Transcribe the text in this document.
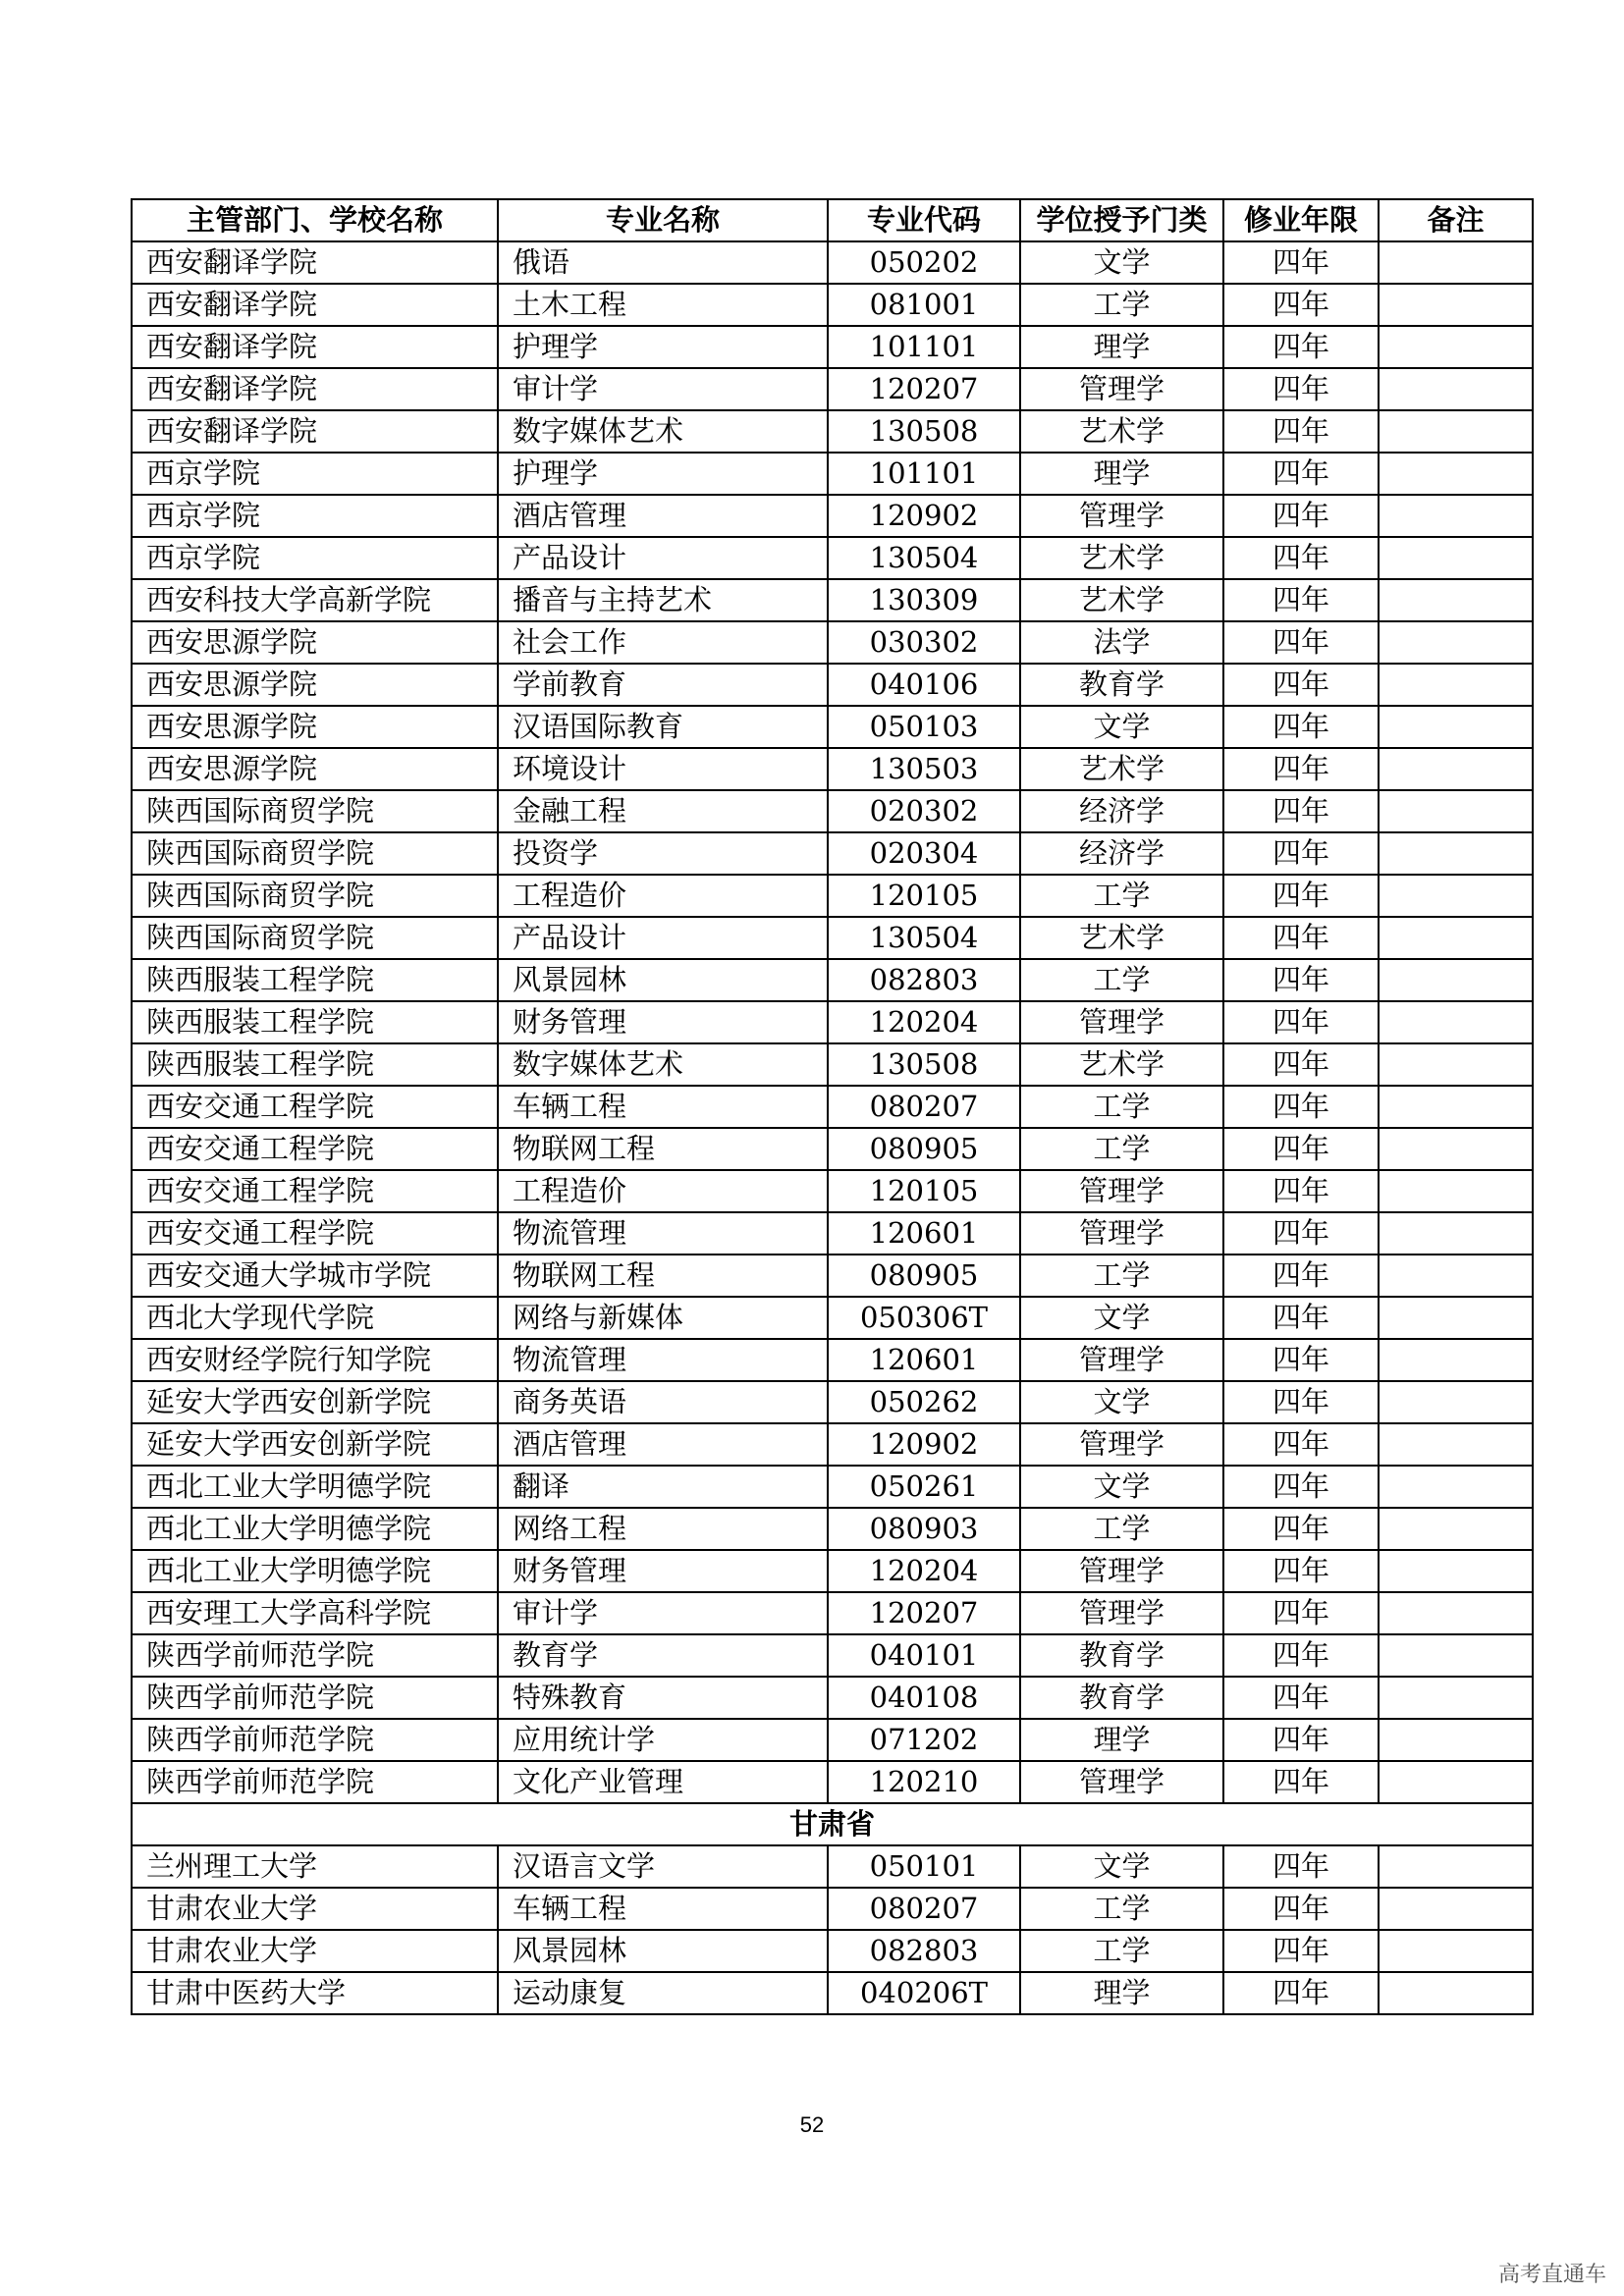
主管部门、学校名称	专业名称	专业代码	学位授予门类	修业年限	备注
西安翻译学院	俄语	050202	文学	四年	
西安翻译学院	土木工程	081001	工学	四年	
西安翻译学院	护理学	101101	理学	四年	
西安翻译学院	审计学	120207	管理学	四年	
西安翻译学院	数字媒体艺术	130508	艺术学	四年	
西京学院	护理学	101101	理学	四年	
西京学院	酒店管理	120902	管理学	四年	
西京学院	产品设计	130504	艺术学	四年	
西安科技大学高新学院	播音与主持艺术	130309	艺术学	四年	
西安思源学院	社会工作	030302	法学	四年	
西安思源学院	学前教育	040106	教育学	四年	
西安思源学院	汉语国际教育	050103	文学	四年	
西安思源学院	环境设计	130503	艺术学	四年	
陕西国际商贸学院	金融工程	020302	经济学	四年	
陕西国际商贸学院	投资学	020304	经济学	四年	
陕西国际商贸学院	工程造价	120105	工学	四年	
陕西国际商贸学院	产品设计	130504	艺术学	四年	
陕西服装工程学院	风景园林	082803	工学	四年	
陕西服装工程学院	财务管理	120204	管理学	四年	
陕西服装工程学院	数字媒体艺术	130508	艺术学	四年	
西安交通工程学院	车辆工程	080207	工学	四年	
西安交通工程学院	物联网工程	080905	工学	四年	
西安交通工程学院	工程造价	120105	管理学	四年	
西安交通工程学院	物流管理	120601	管理学	四年	
西安交通大学城市学院	物联网工程	080905	工学	四年	
西北大学现代学院	网络与新媒体	050306T	文学	四年	
西安财经学院行知学院	物流管理	120601	管理学	四年	
延安大学西安创新学院	商务英语	050262	文学	四年	
延安大学西安创新学院	酒店管理	120902	管理学	四年	
西北工业大学明德学院	翻译	050261	文学	四年	
西北工业大学明德学院	网络工程	080903	工学	四年	
西北工业大学明德学院	财务管理	120204	管理学	四年	
西安理工大学高科学院	审计学	120207	管理学	四年	
陕西学前师范学院	教育学	040101	教育学	四年	
陕西学前师范学院	特殊教育	040108	教育学	四年	
陕西学前师范学院	应用统计学	071202	理学	四年	
陕西学前师范学院	文化产业管理	120210	管理学	四年	
甘肃省					
兰州理工大学	汉语言文学	050101	文学	四年	
甘肃农业大学	车辆工程	080207	工学	四年	
甘肃农业大学	风景园林	082803	工学	四年	
甘肃中医药大学	运动康复	040206T	理学	四年	
52
高考直通车
